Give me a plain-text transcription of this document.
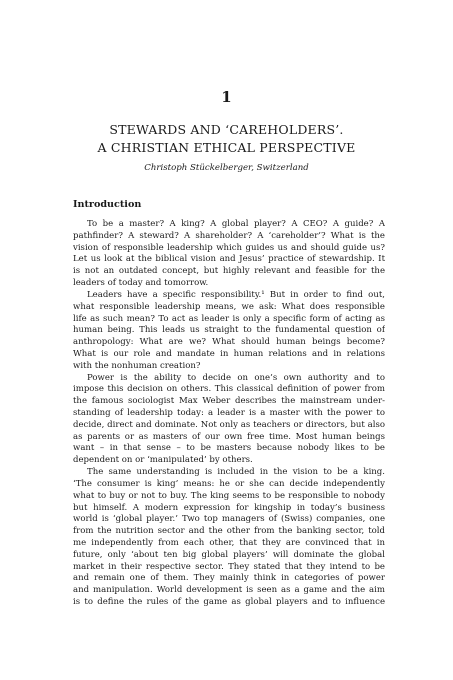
1
STEWARDS AND ‘CAREHOLDERS’.
A CHRISTIAN ETHICAL PERSPECTIVE
Christoph Stückelberger, Switzerland
Introduction
To be a master? A king? A global player? A CEO? A guide? A
pathfinder? A steward? A shareholder? A ‘careholder’? What is the
vision of responsible leadership which guides us and should guide us?
Let us look at the biblical vision and Jesus’ practice of stewardship. It
is not an outdated concept, but highly relevant and feasible for the
leaders of today and tomorrow.
Leaders have a specific responsibility.¹ But in order to find out,
what responsible leadership means, we ask: What does responsible
life as such mean? To act as leader is only a specific form of acting as
human being. This leads us straight to the fundamental question of
anthropology: What are we? What should human beings become?
What is our role and mandate in human relations and in relations
with the nonhuman creation?
Power is the ability to decide on one’s own authority and to
impose this decision on others. This classical definition of power from
the famous sociologist Max Weber describes the mainstream under-
standing of leadership today: a leader is a master with the power to
decide, direct and dominate. Not only as teachers or directors, but also
as parents or as masters of our own free time. Most human beings
want – in that sense – to be masters because nobody likes to be
dependent on or ‘manipulated’ by others.
The same understanding is included in the vision to be a king.
‘The consumer is king’ means: he or she can decide independently
what to buy or not to buy. The king seems to be responsible to nobody
but himself. A modern expression for kingship in today’s business
world is ‘global player.’ Two top managers of (Swiss) companies, one
from the nutrition sector and the other from the banking sector, told
me independently from each other, that they are convinced that in
future, only ‘about ten big global players’ will dominate the global
market in their respective sector. They stated that they intend to be
and remain one of them. They mainly think in categories of power
and manipulation. World development is seen as a game and the aim
is to define the rules of the game as global players and to influence
